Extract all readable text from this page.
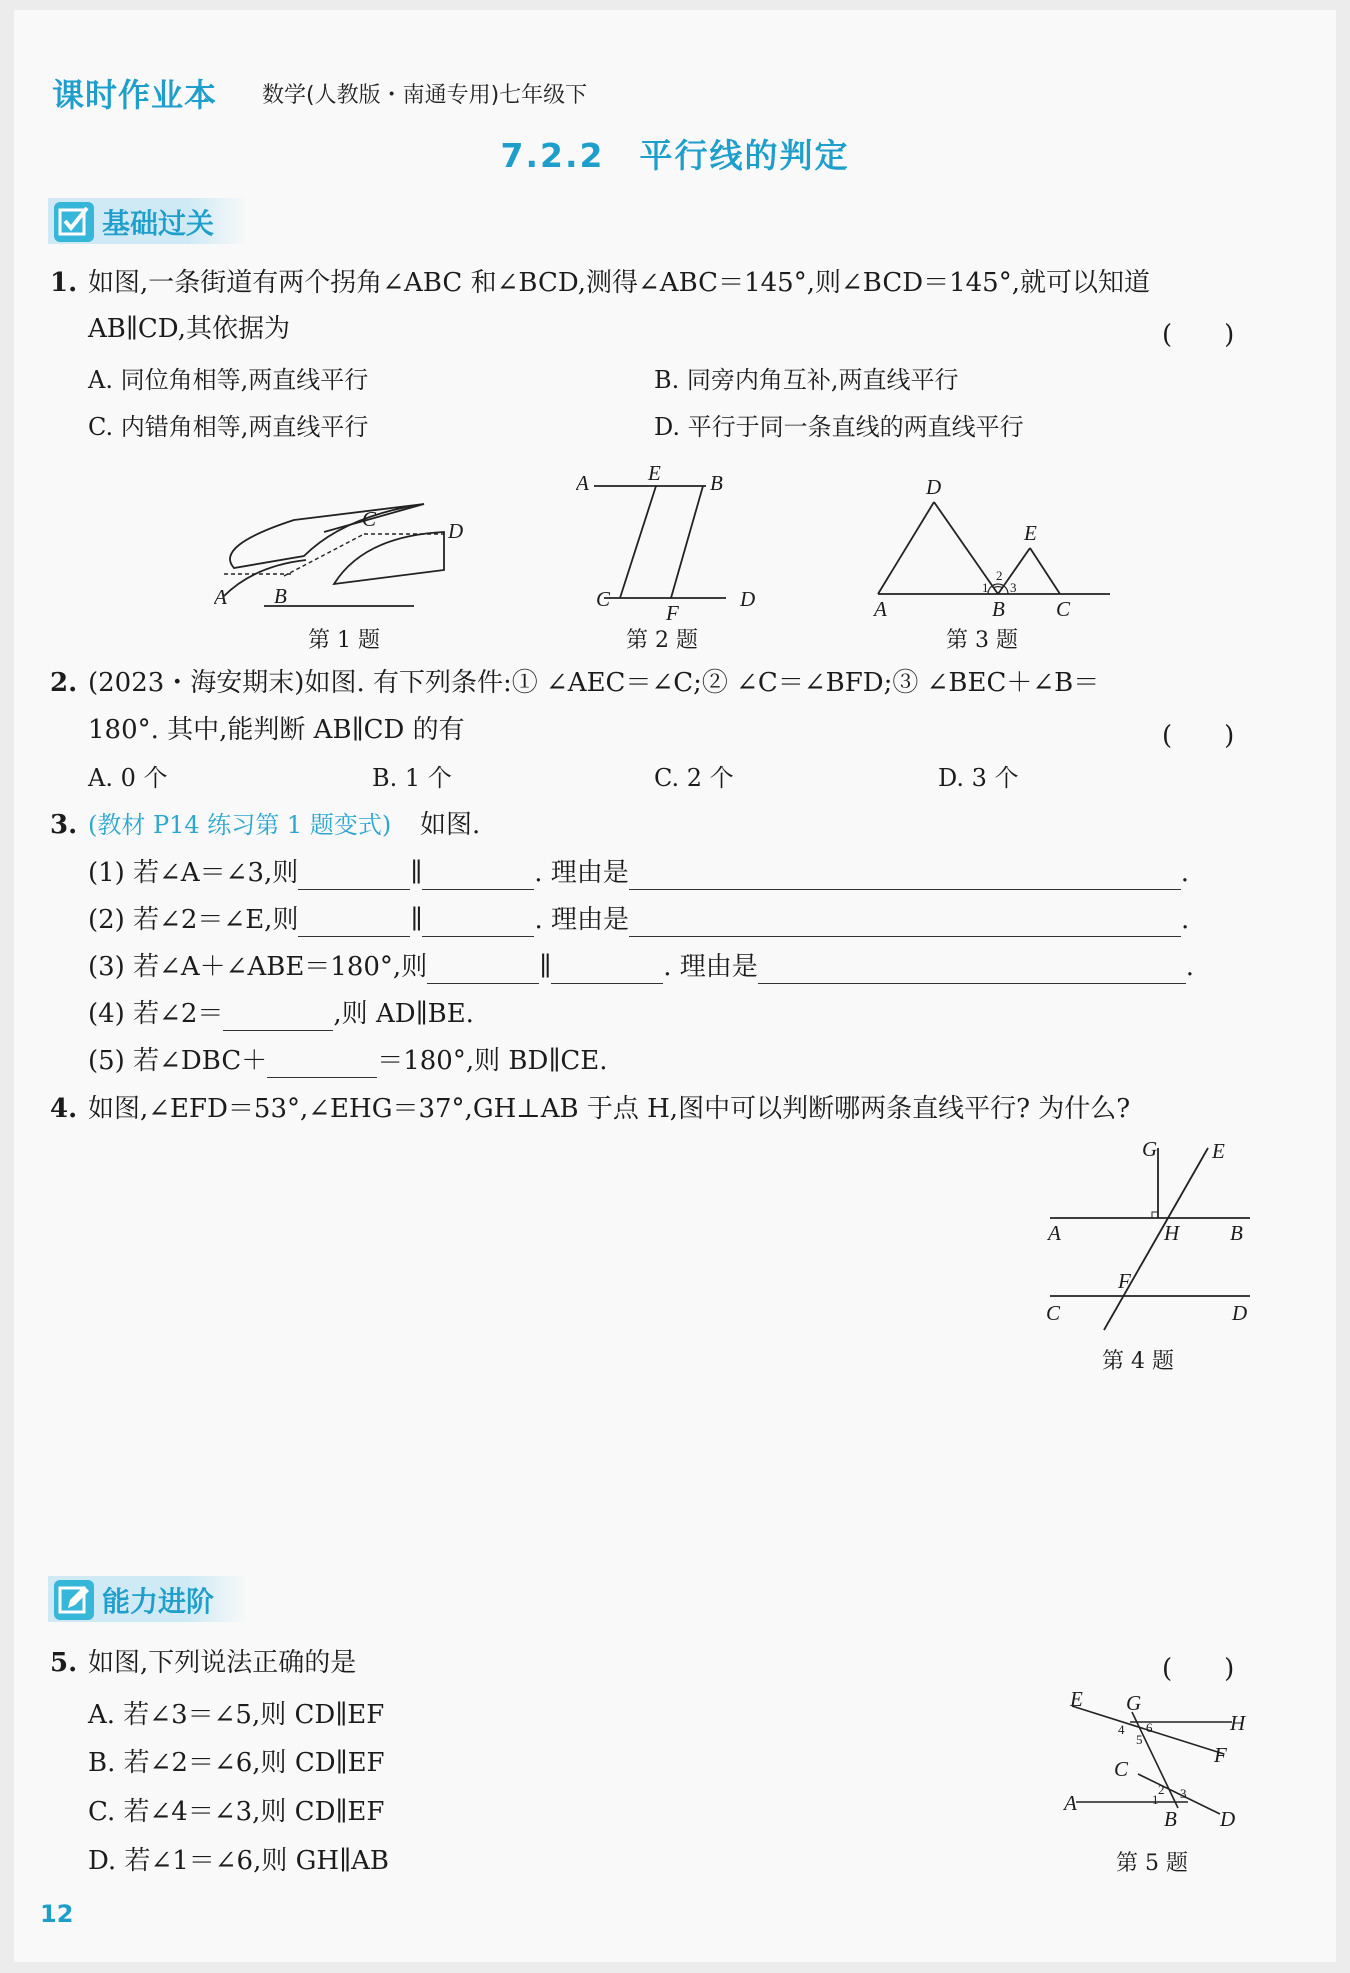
课时作业本 数学(人教版・南通专用)七年级下
7.2.2　平行线的判定
基础过关
1. 如图,一条街道有两个拐角∠ABC 和∠BCD,测得∠ABC＝145°,则∠BCD＝145°,就可以知道
AB∥CD,其依据为	(　　)
A. 同位角相等,两直线平行	B. 同旁内角互补,两直线平行
C. 内错角相等,两直线平行	D. 平行于同一条直线的两直线平行
A B
C	D
第 1 题
A	E B
C
F
D
第 2 题
D
E
A	B C
1
2
3
第 3 题
2. (2023・海安期末)如图. 有下列条件:① ∠AEC＝∠C;② ∠C＝∠BFD;③ ∠BEC＋∠B＝
180°. 其中,能判断 AB∥CD 的有	(　　)
A. 0 个	B. 1 个	C. 2 个	D. 3 个
3. (教材 P14 练习第 1 题变式) 如图.
(1) 若∠A＝∠3,则	∥	. 理由是	.
(2) 若∠2＝∠E,则	∥	. 理由是	.
(3) 若∠A＋∠ABE＝180°,则	∥	. 理由是	.
(4) 若∠2＝	,则 AD∥BE.
(5) 若∠DBC＋	＝180°,则 BD∥CE.
4. 如图,∠EFD＝53°,∠EHG＝37°,GH⊥AB 于点 H,图中可以判断哪两条直线平行? 为什么?
G	E
A	H B
F
C	D
第 4 题
能力进阶
5. 如图,下列说法正确的是	(　　)
A. 若∠3＝∠5,则 CD∥EF
B. 若∠2＝∠6,则 CD∥EF
C. 若∠4＝∠3,则 CD∥EF
D. 若∠1＝∠6,则 GH∥AB
E G
H
4 6
5
F
C
2 3
A	1
B D
第 5 题
12
